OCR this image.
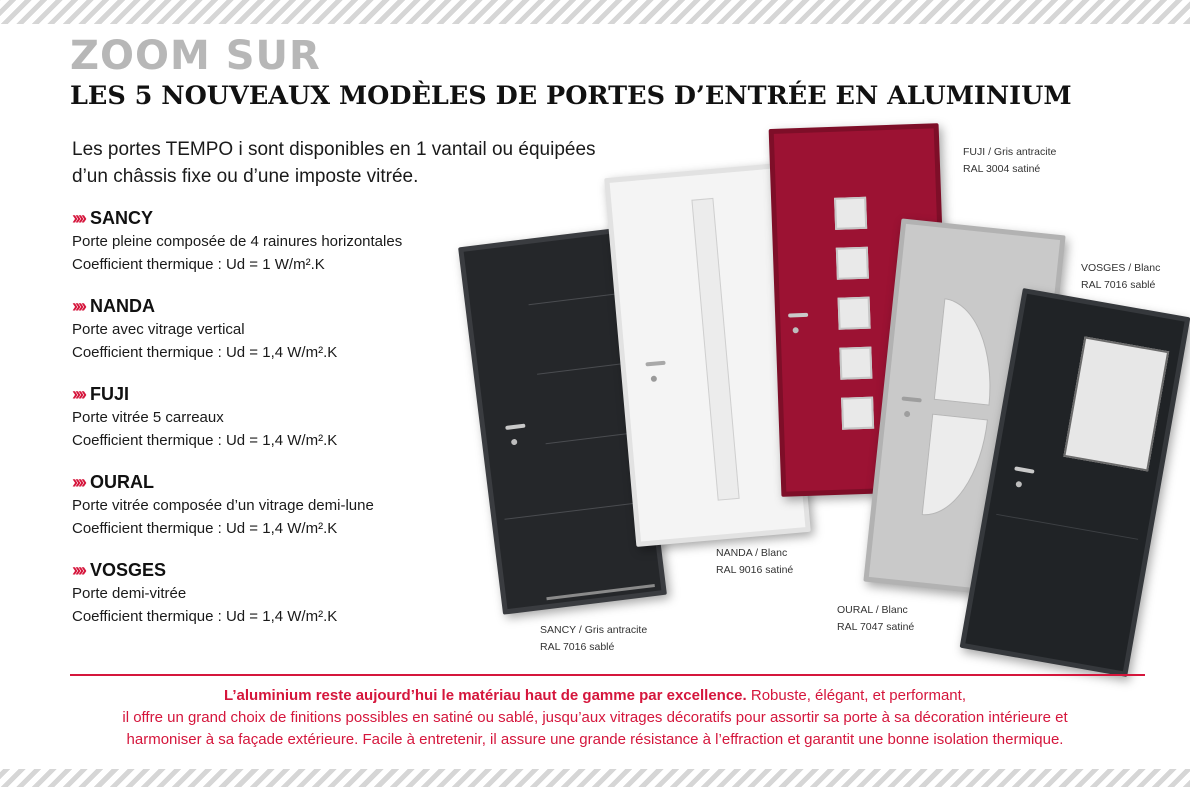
ZOOM SUR
LES 5 NOUVEAUX MODÈLES DE PORTES D’ENTRÉE EN ALUMINIUM

Les portes TEMPO i sont disponibles en 1 vantail ou équipées
d’un châssis fixe ou d’une imposte vitrée.

›››› SANCY
Porte pleine composée de 4 rainures horizontales
Coefficient thermique : Ud = 1 W/m².K
›››› NANDA
Porte avec vitrage vertical
Coefficient thermique : Ud = 1,4 W/m².K
›››› FUJI
Porte vitrée 5 carreaux
Coefficient thermique : Ud = 1,4 W/m².K
›››› OURAL
Porte vitrée composée d’un vitrage demi-lune
Coefficient thermique : Ud = 1,4 W/m².K
›››› VOSGES
Porte demi-vitrée
Coefficient thermique : Ud = 1,4 W/m².K
FUJI / Gris antracite
RAL 3004 satiné
VOSGES / Blanc
RAL 7016 sablé
NANDA / Blanc
RAL 9016 satiné
OURAL / Blanc
RAL 7047 satiné
SANCY / Gris antracite
RAL 7016 sablé

L’aluminium reste aujourd’hui le matériau haut de gamme par excellence. Robuste, élégant, et performant,
il offre un grand choix de finitions possibles en satiné ou sablé, jusqu’aux vitrages décoratifs pour assortir sa porte à sa décoration intérieure et
harmoniser à sa façade extérieure. Facile à entretenir, il assure une grande résistance à l’effraction et garantit une bonne isolation thermique.
